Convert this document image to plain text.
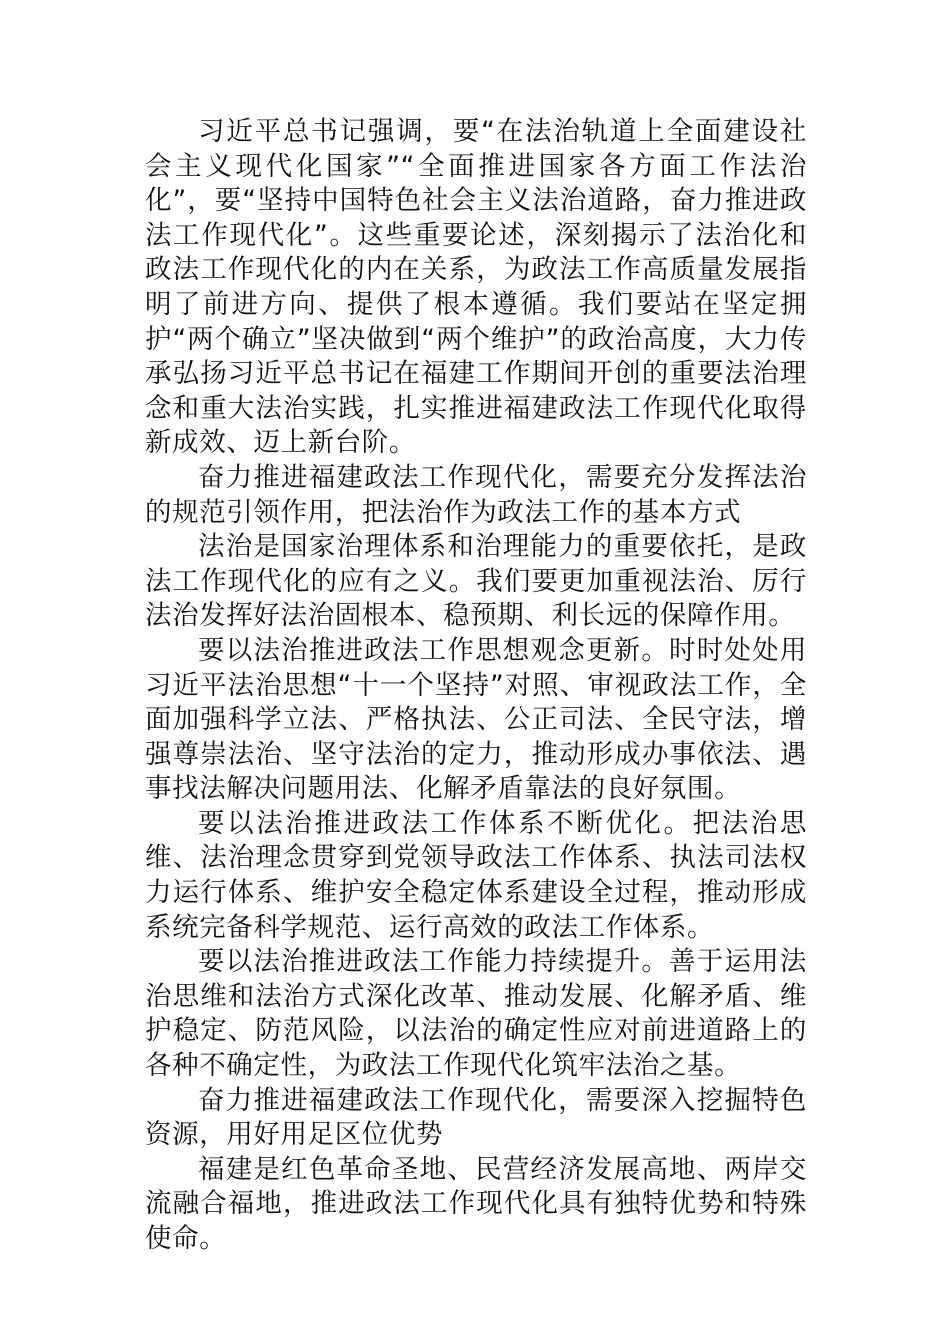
习近平总书记强调，要“在法治轨道上全面建设社会主义现代化国家”“全面推进国家各方面工作法治化”，要“坚持中国特色社会主义法治道路，奋力推进政法工作现代化”。这些重要论述，深刻揭示了法治化和政法工作现代化的内在关系，为政法工作高质量发展指明了前进方向、提供了根本遵循。我们要站在坚定拥护“两个确立”坚决做到“两个维护”的政治高度，大力传承弘扬习近平总书记在福建工作期间开创的重要法治理念和重大法治实践，扎实推进福建政法工作现代化取得新成效、迈上新台阶。

奋力推进福建政法工作现代化，需要充分发挥法治的规范引领作用，把法治作为政法工作的基本方式

法治是国家治理体系和治理能力的重要依托，是政法工作现代化的应有之义。我们要更加重视法治、厉行法治发挥好法治固根本、稳预期、利长远的保障作用。

要以法治推进政法工作思想观念更新。时时处处用习近平法治思想“十一个坚持”对照、审视政法工作，全面加强科学立法、严格执法、公正司法、全民守法，增强尊崇法治、坚守法治的定力，推动形成办事依法、遇事找法解决问题用法、化解矛盾靠法的良好氛围。

要以法治推进政法工作体系不断优化。把法治思维、法治理念贯穿到党领导政法工作体系、执法司法权力运行体系、维护安全稳定体系建设全过程，推动形成系统完备科学规范、运行高效的政法工作体系。

要以法治推进政法工作能力持续提升。善于运用法治思维和法治方式深化改革、推动发展、化解矛盾、维护稳定、防范风险，以法治的确定性应对前进道路上的各种不确定性，为政法工作现代化筑牢法治之基。

奋力推进福建政法工作现代化，需要深入挖掘特色资源，用好用足区位优势

福建是红色革命圣地、民营经济发展高地、两岸交流融合福地，推进政法工作现代化具有独特优势和特殊使命。
